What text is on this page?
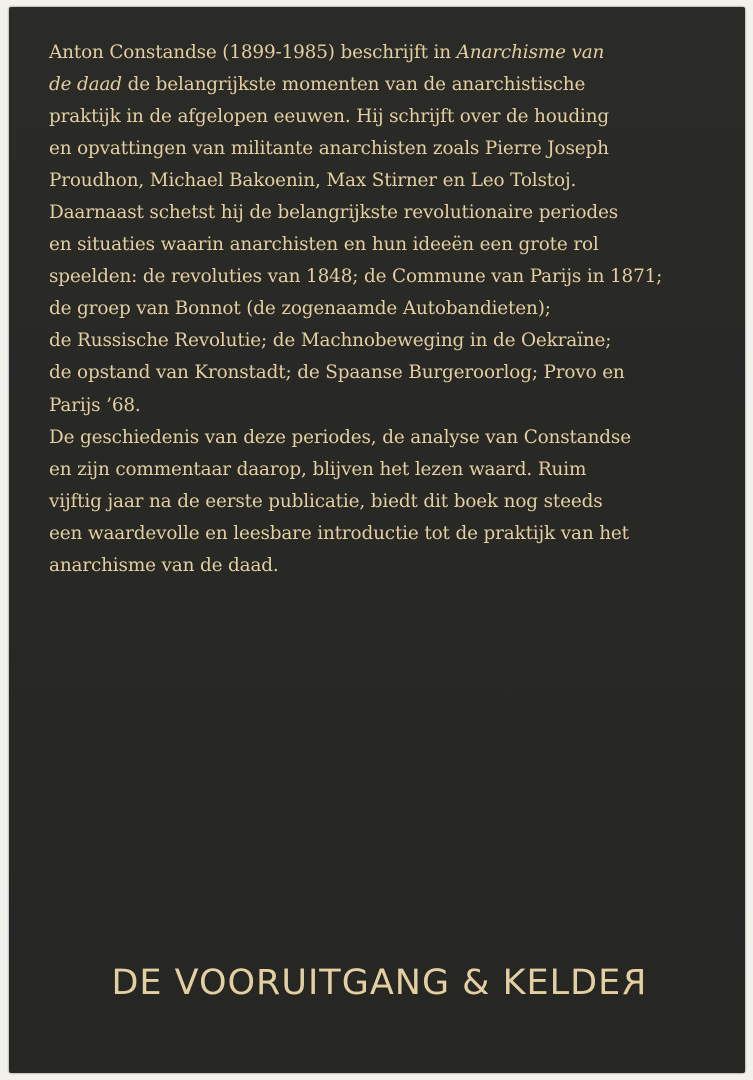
Anton Constandse (1899-1985) beschrijft in Anarchisme van
de daad de belangrijkste momenten van de anarchistische
praktijk in de afgelopen eeuwen. Hij schrijft over de houding
en opvattingen van militante anarchisten zoals Pierre Joseph
Proudhon, Michael Bakoenin, Max Stirner en Leo Tolstoj.
Daarnaast schetst hij de belangrijkste revolutionaire periodes
en situaties waarin anarchisten en hun ideeën een grote rol
speelden: de revoluties van 1848; de Commune van Parijs in 1871;
de groep van Bonnot (de zogenaamde Autobandieten);
de Russische Revolutie; de Machnobeweging in de Oekraïne;
de opstand van Kronstadt; de Spaanse Burgeroorlog; Provo en
Parijs ’68.
De geschiedenis van deze periodes, de analyse van Constandse
en zijn commentaar daarop, blijven het lezen waard. Ruim
vijftig jaar na de eerste publicatie, biedt dit boek nog steeds
een waardevolle en leesbare introductie tot de praktijk van het
anarchisme van de daad.

DE VOORUITGANG & KELDER
